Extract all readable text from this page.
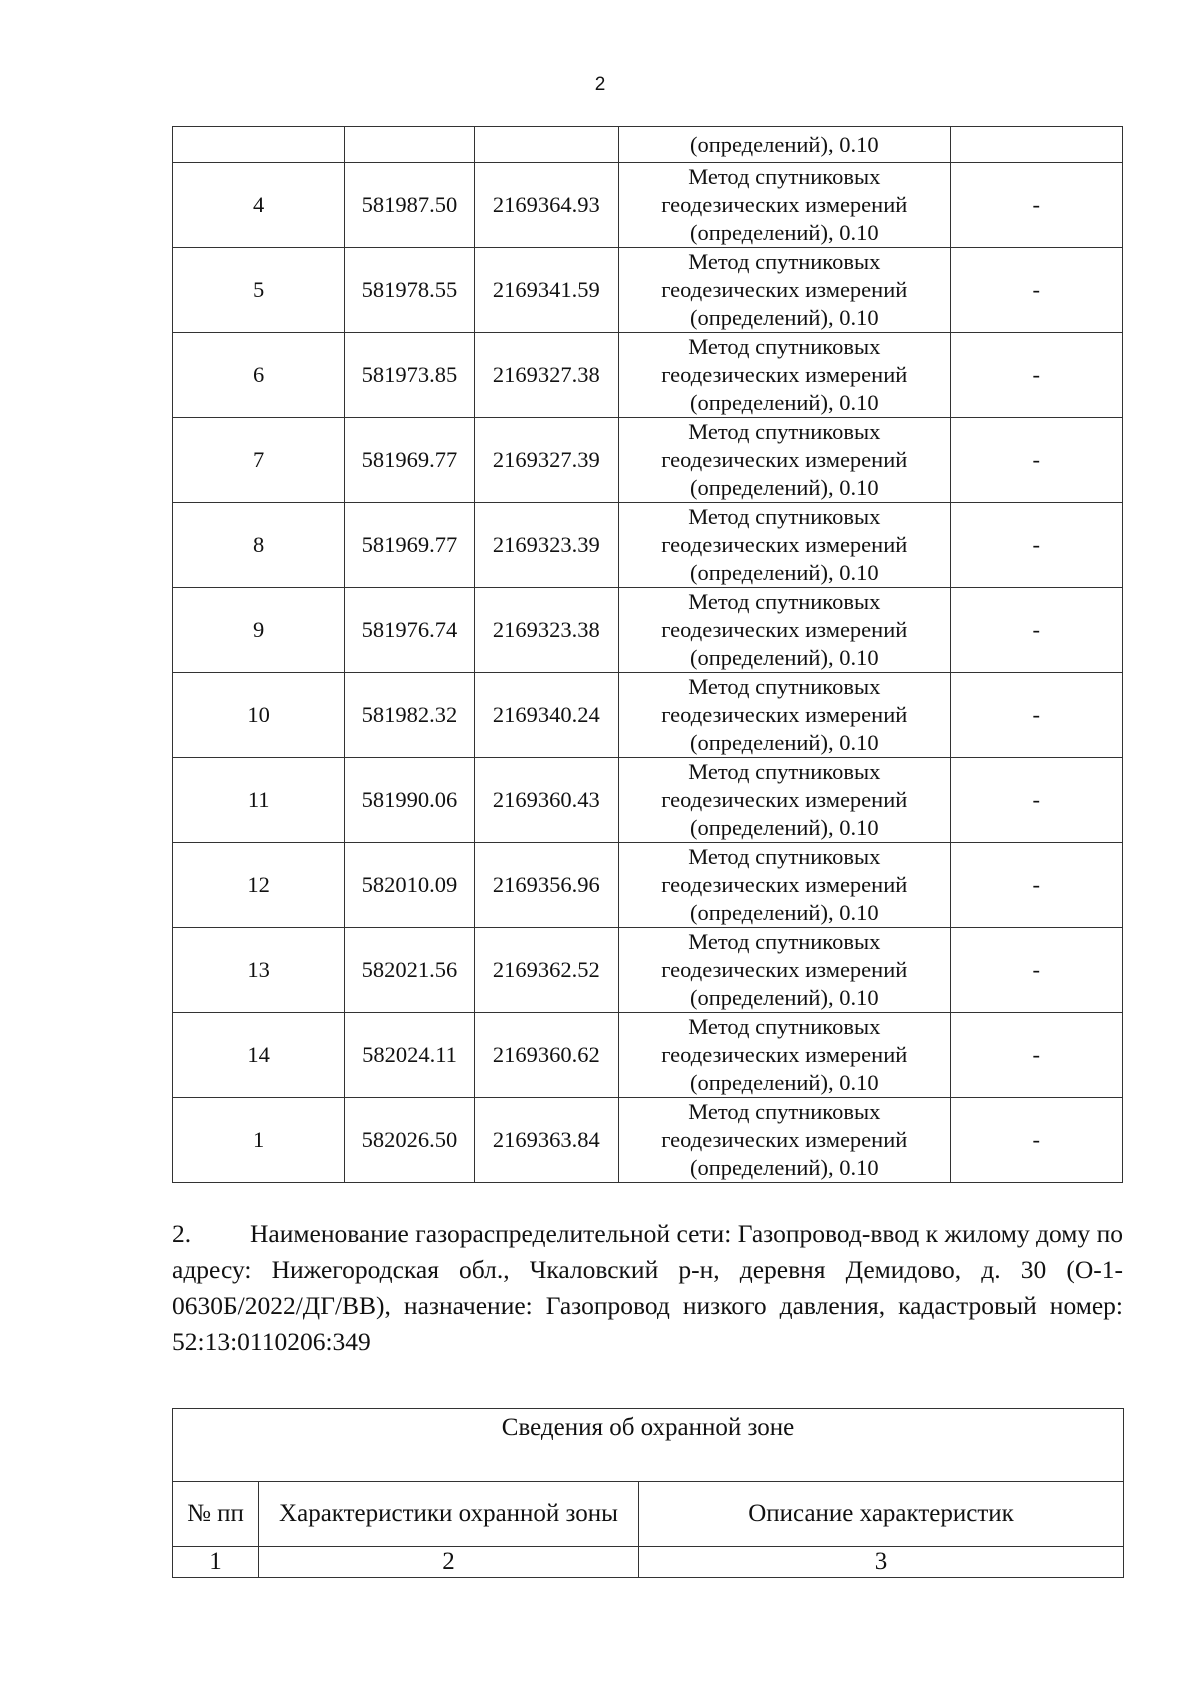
2
			(определений), 0.10	
4	581987.50	2169364.93	Метод спутниковых
геодезических измерений
(определений), 0.10	-
5	581978.55	2169341.59	Метод спутниковых
геодезических измерений
(определений), 0.10	-
6	581973.85	2169327.38	Метод спутниковых
геодезических измерений
(определений), 0.10	-
7	581969.77	2169327.39	Метод спутниковых
геодезических измерений
(определений), 0.10	-
8	581969.77	2169323.39	Метод спутниковых
геодезических измерений
(определений), 0.10	-
9	581976.74	2169323.38	Метод спутниковых
геодезических измерений
(определений), 0.10	-
10	581982.32	2169340.24	Метод спутниковых
геодезических измерений
(определений), 0.10	-
11	581990.06	2169360.43	Метод спутниковых
геодезических измерений
(определений), 0.10	-
12	582010.09	2169356.96	Метод спутниковых
геодезических измерений
(определений), 0.10	-
13	582021.56	2169362.52	Метод спутниковых
геодезических измерений
(определений), 0.10	-
14	582024.11	2169360.62	Метод спутниковых
геодезических измерений
(определений), 0.10	-
1	582026.50	2169363.84	Метод спутниковых
геодезических измерений
(определений), 0.10	-
2. Наименование газораспределительной сети: Газопровод-ввод к жилому дому по адресу: Нижегородская обл., Чкаловский р-н, деревня Демидово, д. 30 (О-1-0630Б/2022/ДГ/ВВ), назначение: Газопровод низкого давления, кадастровый номер: 52:13:0110206:349
Сведения об охранной зоне		
№ пп	Характеристики охранной зоны	Описание характеристик
1	2	3
